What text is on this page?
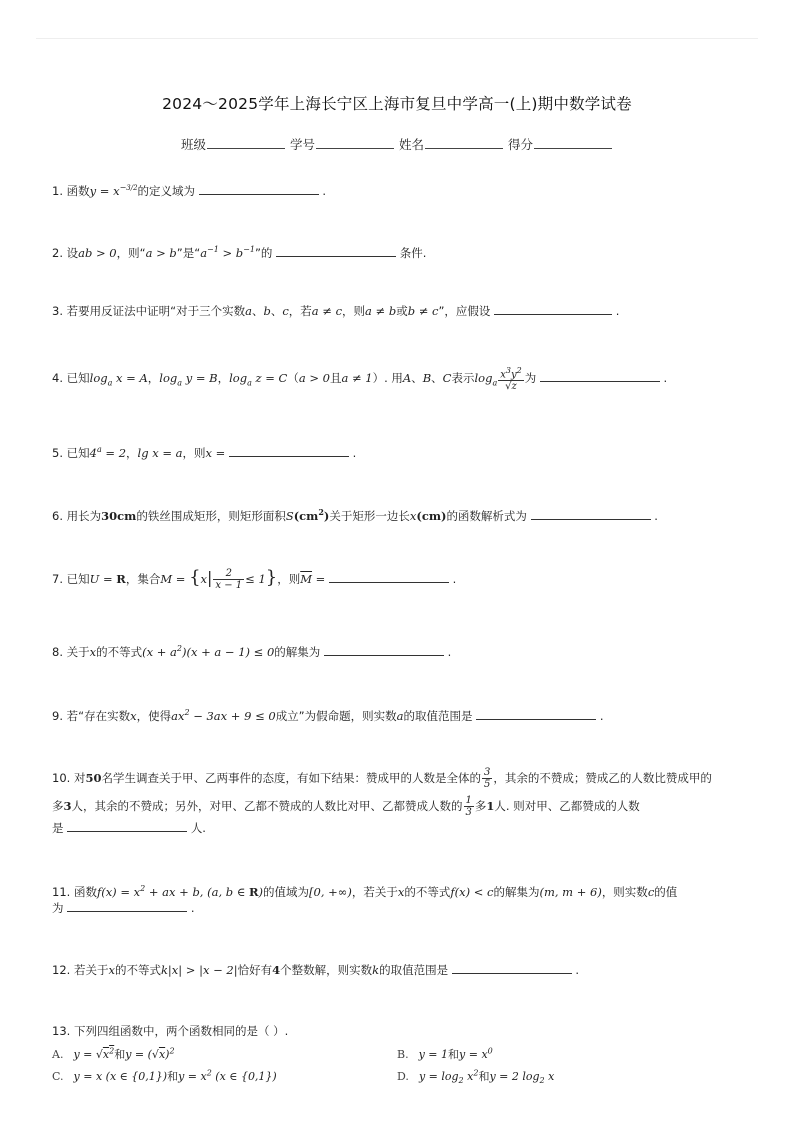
2024～2025学年上海长宁区上海市复旦中学高一(上)期中数学试卷
班级	学号	姓名	得分
1. 函数$y = x^{-3/2}$的定义域为	.
2. 设ab > 0，则“a > b”是“$a^{-1} > b^{-1}$”的	条件.
3. 若要用反证法中证明“对于三个实数a、b、c，若a ≠ c，则a ≠ b或b ≠ c”，应假设	.
4. 已知$\log_a x = A$，$\log_a y = B$，$\log_a z = C(a > 0$且a ≠ 1）. 用A、B、C表示$\log_a \frac{x^3y^2}{√z}$ 为	.
5. 已知$4^a = 2$，lg x = a，则x =	.
6. 用长为30cm的铁丝围成矩形，则矩形面积$S(cm^2)$关于矩形一边长x(cm)的函数解析式为	.
7. 已知U = R，集合$M = \{x| \frac{2}{x - 1} \le 1\}$，则$\overline{M}$ =	.
8. 关于x的不等式$(x + a^2)(x + a - 1) \le 0$的解集为	.
9. 若“存在实数x，使得$ax^2 - 3ax + 9 \le 0$成立”为假命题，则实数a的取值范围是	.
10. 对50名学生调查关于甲、乙两事件的态度，有如下结果：赞成甲的人数是全体的 $\frac{3}{5}$ ，其余的不赞成；赞成乙的人数比赞成甲的
多3人，其余的不赞成；另外，对甲、乙都不赞成的人数比对甲、乙都赞成人数的 $\frac{1}{3}$ 多1人. 则对甲、乙都赞成的人数
是	人.
11. 函数$f(x) = x^2$ + ax + b, (a, b ∈ R)的值域为[0, +∞)，若关于x的不等式f(x) < c的解集为(m, m + 6)，则实数c的值
为	.
12. 若关于x的不等式k|x| > |x − 2|恰好有4个整数解，则实数k的取值范围是	.
13. 下列四组函数中，两个函数相同的是（ ）.
A. $y = √x^2$和$y = (√x)^2$	B. y = 1和$y = x^0$
C. y = x (x ∈ {0,1})和$y = x^2$ (x ∈ {0,1})	D. $y = \log_2 x^2$和y = 2 $\log_2 x$
